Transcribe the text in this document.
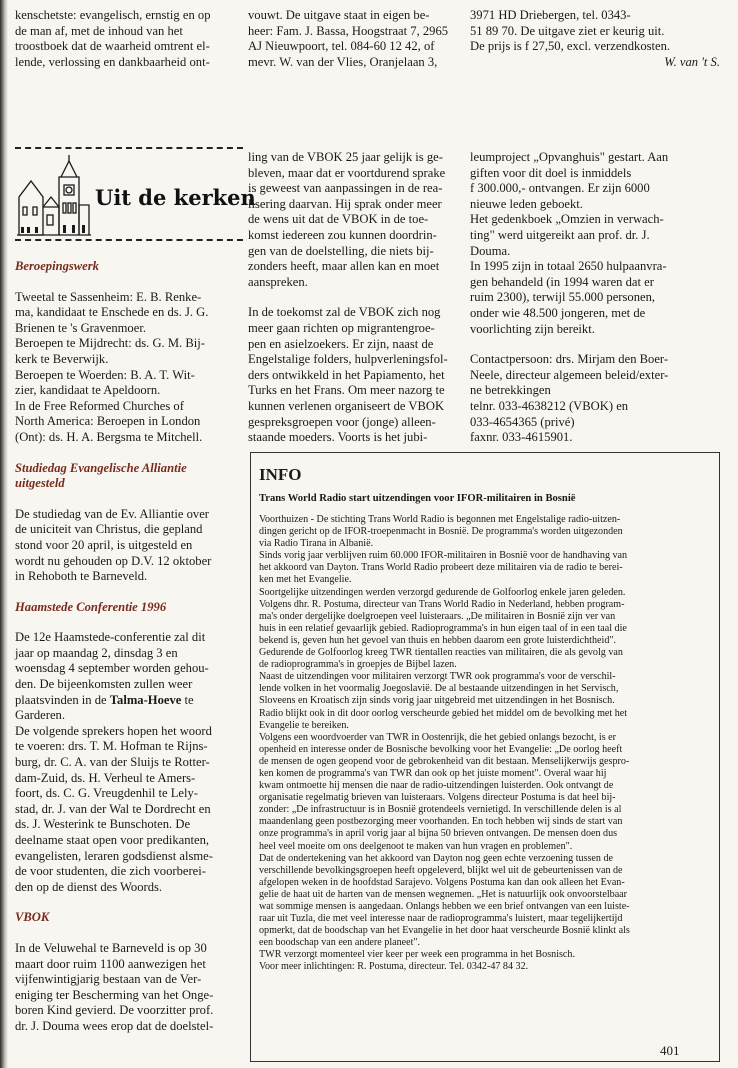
kenschetste: evangelisch, ernstig en op

de man af, met de inhoud van het

troostboek dat de waarheid omtrent el-

lende, verlossing en dankbaarheid ont-

vouwt. De uitgave staat in eigen be-

heer: Fam. J. Bassa, Hoogstraat 7, 2965

AJ Nieuwpoort, tel. 084-60 12 42, of

mevr. W. van der Vlies, Oranjelaan 3,

3971 HD Driebergen, tel. 0343-

51 89 70. De uitgave ziet er keurig uit.

De prijs is f 27,50, excl. verzendkosten.

W. van 't S.

Uit de kerken

Beroepingswerk

Tweetal te Sassenheim: E. B. Renke-

ma, kandidaat te Enschede en ds. J. G.

Brienen te 's Gravenmoer.

Beroepen te Mijdrecht: ds. G. M. Bij-

kerk te Beverwijk.

Beroepen te Woerden: B. A. T. Wit-

zier, kandidaat te Apeldoorn.

In de Free Reformed Churches of

North America: Beroepen in London

(Ont): ds. H. A. Bergsma te Mitchell.

Studiedag Evangelische Alliantie

uitgesteld

De studiedag van de Ev. Alliantie over

de uniciteit van Christus, die gepland

stond voor 20 april, is uitgesteld en

wordt nu gehouden op D.V. 12 oktober

in Rehoboth te Barneveld.

Haamstede Conferentie 1996

De 12e Haamstede-conferentie zal dit

jaar op maandag 2, dinsdag 3 en

woensdag 4 september worden gehou-

den. De bijeenkomsten zullen weer

plaatsvinden in de Talma-Hoeve te

Garderen.

De volgende sprekers hopen het woord

te voeren: drs. T. M. Hofman te Rijns-

burg, dr. C. A. van der Sluijs te Rotter-

dam-Zuid, ds. H. Verheul te Amers-

foort, ds. C. G. Vreugdenhil te Lely-

stad, dr. J. van der Wal te Dordrecht en

ds. J. Westerink te Bunschoten. De

deelname staat open voor predikanten,

evangelisten, leraren godsdienst alsme-

de voor studenten, die zich voorberei-

den op de dienst des Woords.

VBOK

In de Veluwehal te Barneveld is op 30

maart door ruim 1100 aanwezigen het

vijfenwintigjarig bestaan van de Ver-

eniging ter Bescherming van het Onge-

boren Kind gevierd. De voorzitter prof.

dr. J. Douma wees erop dat de doelstel-

ling van de VBOK 25 jaar gelijk is ge-

bleven, maar dat er voortdurend sprake

is geweest van aanpassingen in de rea-

lisering daarvan. Hij sprak onder meer

de wens uit dat de VBOK in de toe-

komst iedereen zou kunnen doordrin-

gen van de doelstelling, die niets bij-

zonders heeft, maar allen kan en moet

aanspreken.

In de toekomst zal de VBOK zich nog

meer gaan richten op migrantengroe-

pen en asielzoekers. Er zijn, naast de

Engelstalige folders, hulpverleningsfol-

ders ontwikkeld in het Papiamento, het

Turks en het Frans. Om meer nazorg te

kunnen verlenen organiseert de VBOK

gespreksgroepen voor (jonge) alleen-

staande moeders. Voorts is het jubi-

leumproject „Opvanghuis" gestart. Aan

giften voor dit doel is inmiddels

f 300.000,- ontvangen. Er zijn 6000

nieuwe leden geboekt.

Het gedenkboek „Omzien in verwach-

ting" werd uitgereikt aan prof. dr. J.

Douma.

In 1995 zijn in totaal 2650 hulpaanvra-

gen behandeld (in 1994 waren dat er

ruim 2300), terwijl 55.000 personen,

onder wie 48.500 jongeren, met de

voorlichting zijn bereikt.

Contactpersoon: drs. Mirjam den Boer-

Neele, directeur algemeen beleid/exter-

ne betrekkingen

telnr. 033-4638212 (VBOK) en

033-4654365 (privé)

faxnr. 033-4615901.

INFO
Trans World Radio start uitzendingen voor IFOR-militairen in Bosnië

Voorthuizen - De stichting Trans World Radio is begonnen met Engelstalige radio-uitzen-

dingen gericht op de IFOR-troepenmacht in Bosnië. De programma's worden uitgezonden

via Radio Tirana in Albanië.

Sinds vorig jaar verblijven ruim 60.000 IFOR-militairen in Bosnië voor de handhaving van

het akkoord van Dayton. Trans World Radio probeert deze militairen via de radio te berei-

ken met het Evangelie.

Soortgelijke uitzendingen werden verzorgd gedurende de Golfoorlog enkele jaren geleden.

Volgens dhr. R. Postuma, directeur van Trans World Radio in Nederland, hebben program-

ma's onder dergelijke doelgroepen veel luisteraars. „De militairen in Bosnië zijn ver van

huis in een relatief gevaarlijk gebied. Radioprogramma's in hun eigen taal of in een taal die

bekend is, geven hun het gevoel van thuis en hebben daarom een grote luisterdichtheid".

Gedurende de Golfoorlog kreeg TWR tientallen reacties van militairen, die als gevolg van

de radioprogramma's in groepjes de Bijbel lazen.

Naast de uitzendingen voor militairen verzorgt TWR ook programma's voor de verschil-

lende volken in het voormalig Joegoslavië. De al bestaande uitzendingen in het Servisch,

Sloveens en Kroatisch zijn sinds vorig jaar uitgebreid met uitzendingen in het Bosnisch.

Radio blijkt ook in dit door oorlog verscheurde gebied het middel om de bevolking met het

Evangelie te bereiken.

Volgens een woordvoerder van TWR in Oostenrijk, die het gebied onlangs bezocht, is er

openheid en interesse onder de Bosnische bevolking voor het Evangelie: „De oorlog heeft

de mensen de ogen geopend voor de gebrokenheid van dit bestaan. Menselijkerwijs gespro-

ken komen de programma's van TWR dan ook op het juiste moment". Overal waar hij

kwam ontmoette hij mensen die naar de radio-uitzendingen luisterden. Ook ontvangt de

organisatie regelmatig brieven van luisteraars. Volgens directeur Postuma is dat heel bij-

zonder: „De infrastructuur is in Bosnië grotendeels vernietigd. In verschillende delen is al

maandenlang geen postbezorging meer voorhanden. En toch hebben wij sinds de start van

onze programma's in april vorig jaar al bijna 50 brieven ontvangen. De mensen doen dus

heel veel moeite om ons deelgenoot te maken van hun vragen en problemen".

Dat de ondertekening van het akkoord van Dayton nog geen echte verzoening tussen de

verschillende bevolkingsgroepen heeft opgeleverd, blijkt wel uit de gebeurtenissen van de

afgelopen weken in de hoofdstad Sarajevo. Volgens Postuma kan dan ook alleen het Evan-

gelie de haat uit de harten van de mensen wegnemen. „Het is natuurlijk ook onvoorstelbaar

wat sommige mensen is aangedaan. Onlangs hebben we een brief ontvangen van een luiste-

raar uit Tuzla, die met veel interesse naar de radioprogramma's luistert, maar tegelijkertijd

opmerkt, dat de boodschap van het Evangelie in het door haat verscheurde Bosnië klinkt als

een boodschap van een andere planeet".

TWR verzorgt momenteel vier keer per week een programma in het Bosnisch.

Voor meer inlichtingen: R. Postuma, directeur. Tel. 0342-47 84 32.

401
